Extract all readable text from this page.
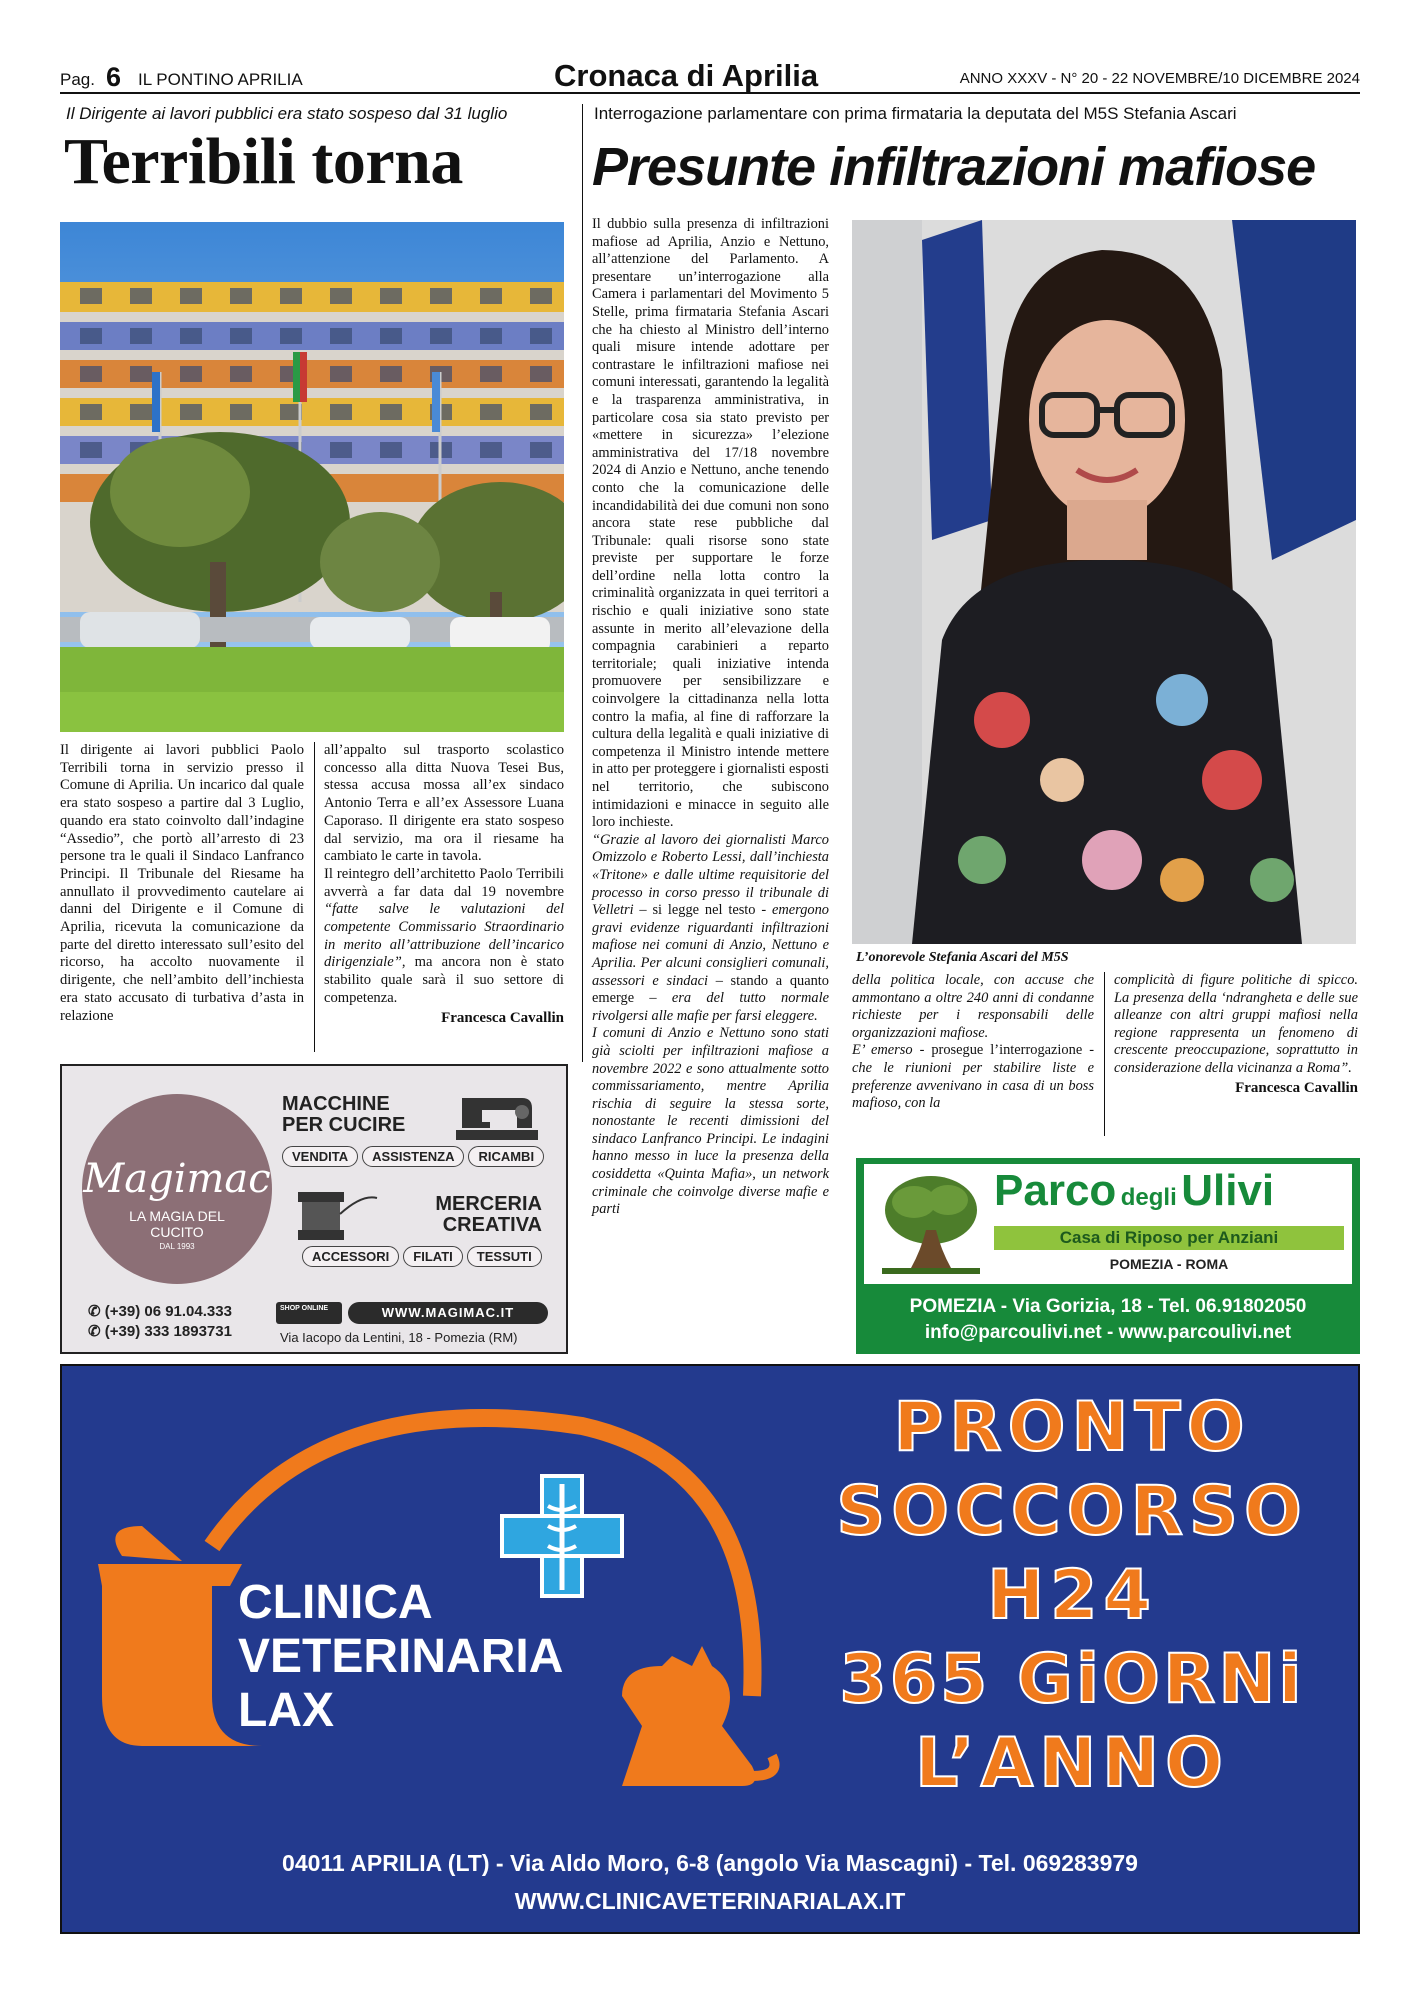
Pag. 6 IL PONTINO APRILIA	Cronaca di Aprilia	ANNO XXXV - N° 20 - 22 NOVEMBRE/10 DICEMBRE 2024
Il Dirigente ai lavori pubblici era stato sospeso dal 31 luglio
Terribili torna

Il dirigente ai lavori pubblici Paolo Terribili torna in servizio presso il Comune di Aprilia. Un incarico dal quale era stato sospeso a partire dal 3 Luglio, quando era stato coinvolto dall’indagine “Assedio”, che portò all’arresto di 23 persone tra le quali il Sindaco Lanfranco Principi. Il Tribunale del Riesame ha annullato il provvedimento cautelare ai danni del Dirigente e il Comune di Aprilia, ricevuta la comunicazione da parte del diretto interessato sull’esito del ricorso, ha accolto nuovamente il dirigente, che nell’ambito dell’inchiesta era stato accusato di turbativa d’asta in relazione

all’appalto sul trasporto scolastico concesso alla ditta Nuova Tesei Bus, stessa accusa mossa all’ex sindaco Antonio Terra e all’ex Assessore Luana Caporaso. Il dirigente era stato sospeso dal servizio, ma ora il riesame ha cambiato le carte in tavola.

Il reintegro dell’architetto Paolo Terribili avverrà a far data dal 19 novembre “fatte salve le valutazioni del competente Commissario Straordinario in merito all’attribuzione dell’incarico dirigenziale”, ma ancora non è stato stabilito quale sarà il suo settore di competenza.

Francesca Cavallin
Interrogazione parlamentare con prima firmataria la deputata del M5S Stefania Ascari
Presunte infiltrazioni mafiose

Il dubbio sulla presenza di infiltrazioni mafiose ad Aprilia, Anzio e Nettuno, all’attenzione del Parlamento. A presentare un’interrogazione alla Camera i parlamentari del Movimento 5 Stelle, prima firmataria Stefania Ascari che ha chiesto al Ministro dell’interno quali misure intende adottare per contrastare le infiltrazioni mafiose nei comuni interessati, garantendo la legalità e la trasparenza amministrativa, in particolare cosa sia stato previsto per «mettere in sicurezza» l’elezione amministrativa del 17/18 novembre 2024 di Anzio e Nettuno, anche tenendo conto che la comunicazione delle incandidabilità dei due comuni non sono ancora state rese pubbliche dal Tribunale: quali risorse sono state previste per supportare le forze dell’ordine nella lotta contro la criminalità organizzata in quei territori a rischio e quali iniziative sono state assunte in merito all’elevazione della compagnia carabinieri a reparto territoriale; quali iniziative intenda promuovere per sensibilizzare e coinvolgere la cittadinanza nella lotta contro la mafia, al fine di rafforzare la cultura della legalità e quali iniziative di competenza il Ministro intende mettere in atto per proteggere i giornalisti esposti nel territorio, che subiscono intimidazioni e minacce in seguito alle loro inchieste.

“Grazie al lavoro dei giornalisti Marco Omizzolo e Roberto Lessi, dall’inchiesta «Tritone» e dalle ultime requisitorie del processo in corso presso il tribunale di Velletri – si legge nel testo - emergono gravi evidenze riguardanti infiltrazioni mafiose nei comuni di Anzio, Nettuno e Aprilia. Per alcuni consiglieri comunali, assessori e sindaci – stando a quanto emerge – era del tutto normale rivolgersi alle mafie per farsi eleggere.

I comuni di Anzio e Nettuno sono stati già sciolti per infiltrazioni mafiose a novembre 2022 e sono attualmente sotto commissariamento, mentre Aprilia rischia di seguire la stessa sorte, nonostante le recenti dimissioni del sindaco Lanfranco Principi. Le indagini hanno messo in luce la presenza della cosiddetta «Quinta Mafia», un network criminale che coinvolge diverse mafie e parti

L’onorevole Stefania Ascari del M5S

della politica locale, con accuse che ammontano a oltre 240 anni di condanne richieste per i responsabili delle organizzazioni mafiose.

E’ emerso - prosegue l’interrogazione - che le riunioni per stabilire liste e preferenze avvenivano in casa di un boss mafioso, con la

complicità di figure politiche di spicco. La presenza della ‘ndrangheta e delle sue alleanze con altri gruppi mafiosi nella regione rappresenta un fenomeno di crescente preoccupazione, soprattutto in considerazione della vicinanza a Roma”.

Francesca Cavallin
Magimac
LA MAGIA DEL CUCITO
DAL 1993
MACCHINE PER CUCIRE
VENDITA ASSISTENZA RICAMBI
MERCERIA CREATIVA
ACCESSORI FILATI TESSUTI
✆ (+39) 06 91.04.333
✆ (+39) 333 1893731
SHOP ONLINE	WWW.MAGIMAC.IT
Via Iacopo da Lentini, 18 - Pomezia (RM)
Parco degli Ulivi
Casa di Riposo per Anziani
POMEZIA - ROMA
POMEZIA - Via Gorizia, 18 - Tel. 06.91802050
info@parcoulivi.net - www.parcoulivi.net
CLINICA
VETERINARIA
LAX
PRONTO
SOCCORSO
H24
365 GiORNi
L’ANNO
04011 APRILIA (LT) - Via Aldo Moro, 6-8 (angolo Via Mascagni) - Tel. 069283979
WWW.CLINICAVETERINARIALAX.IT
